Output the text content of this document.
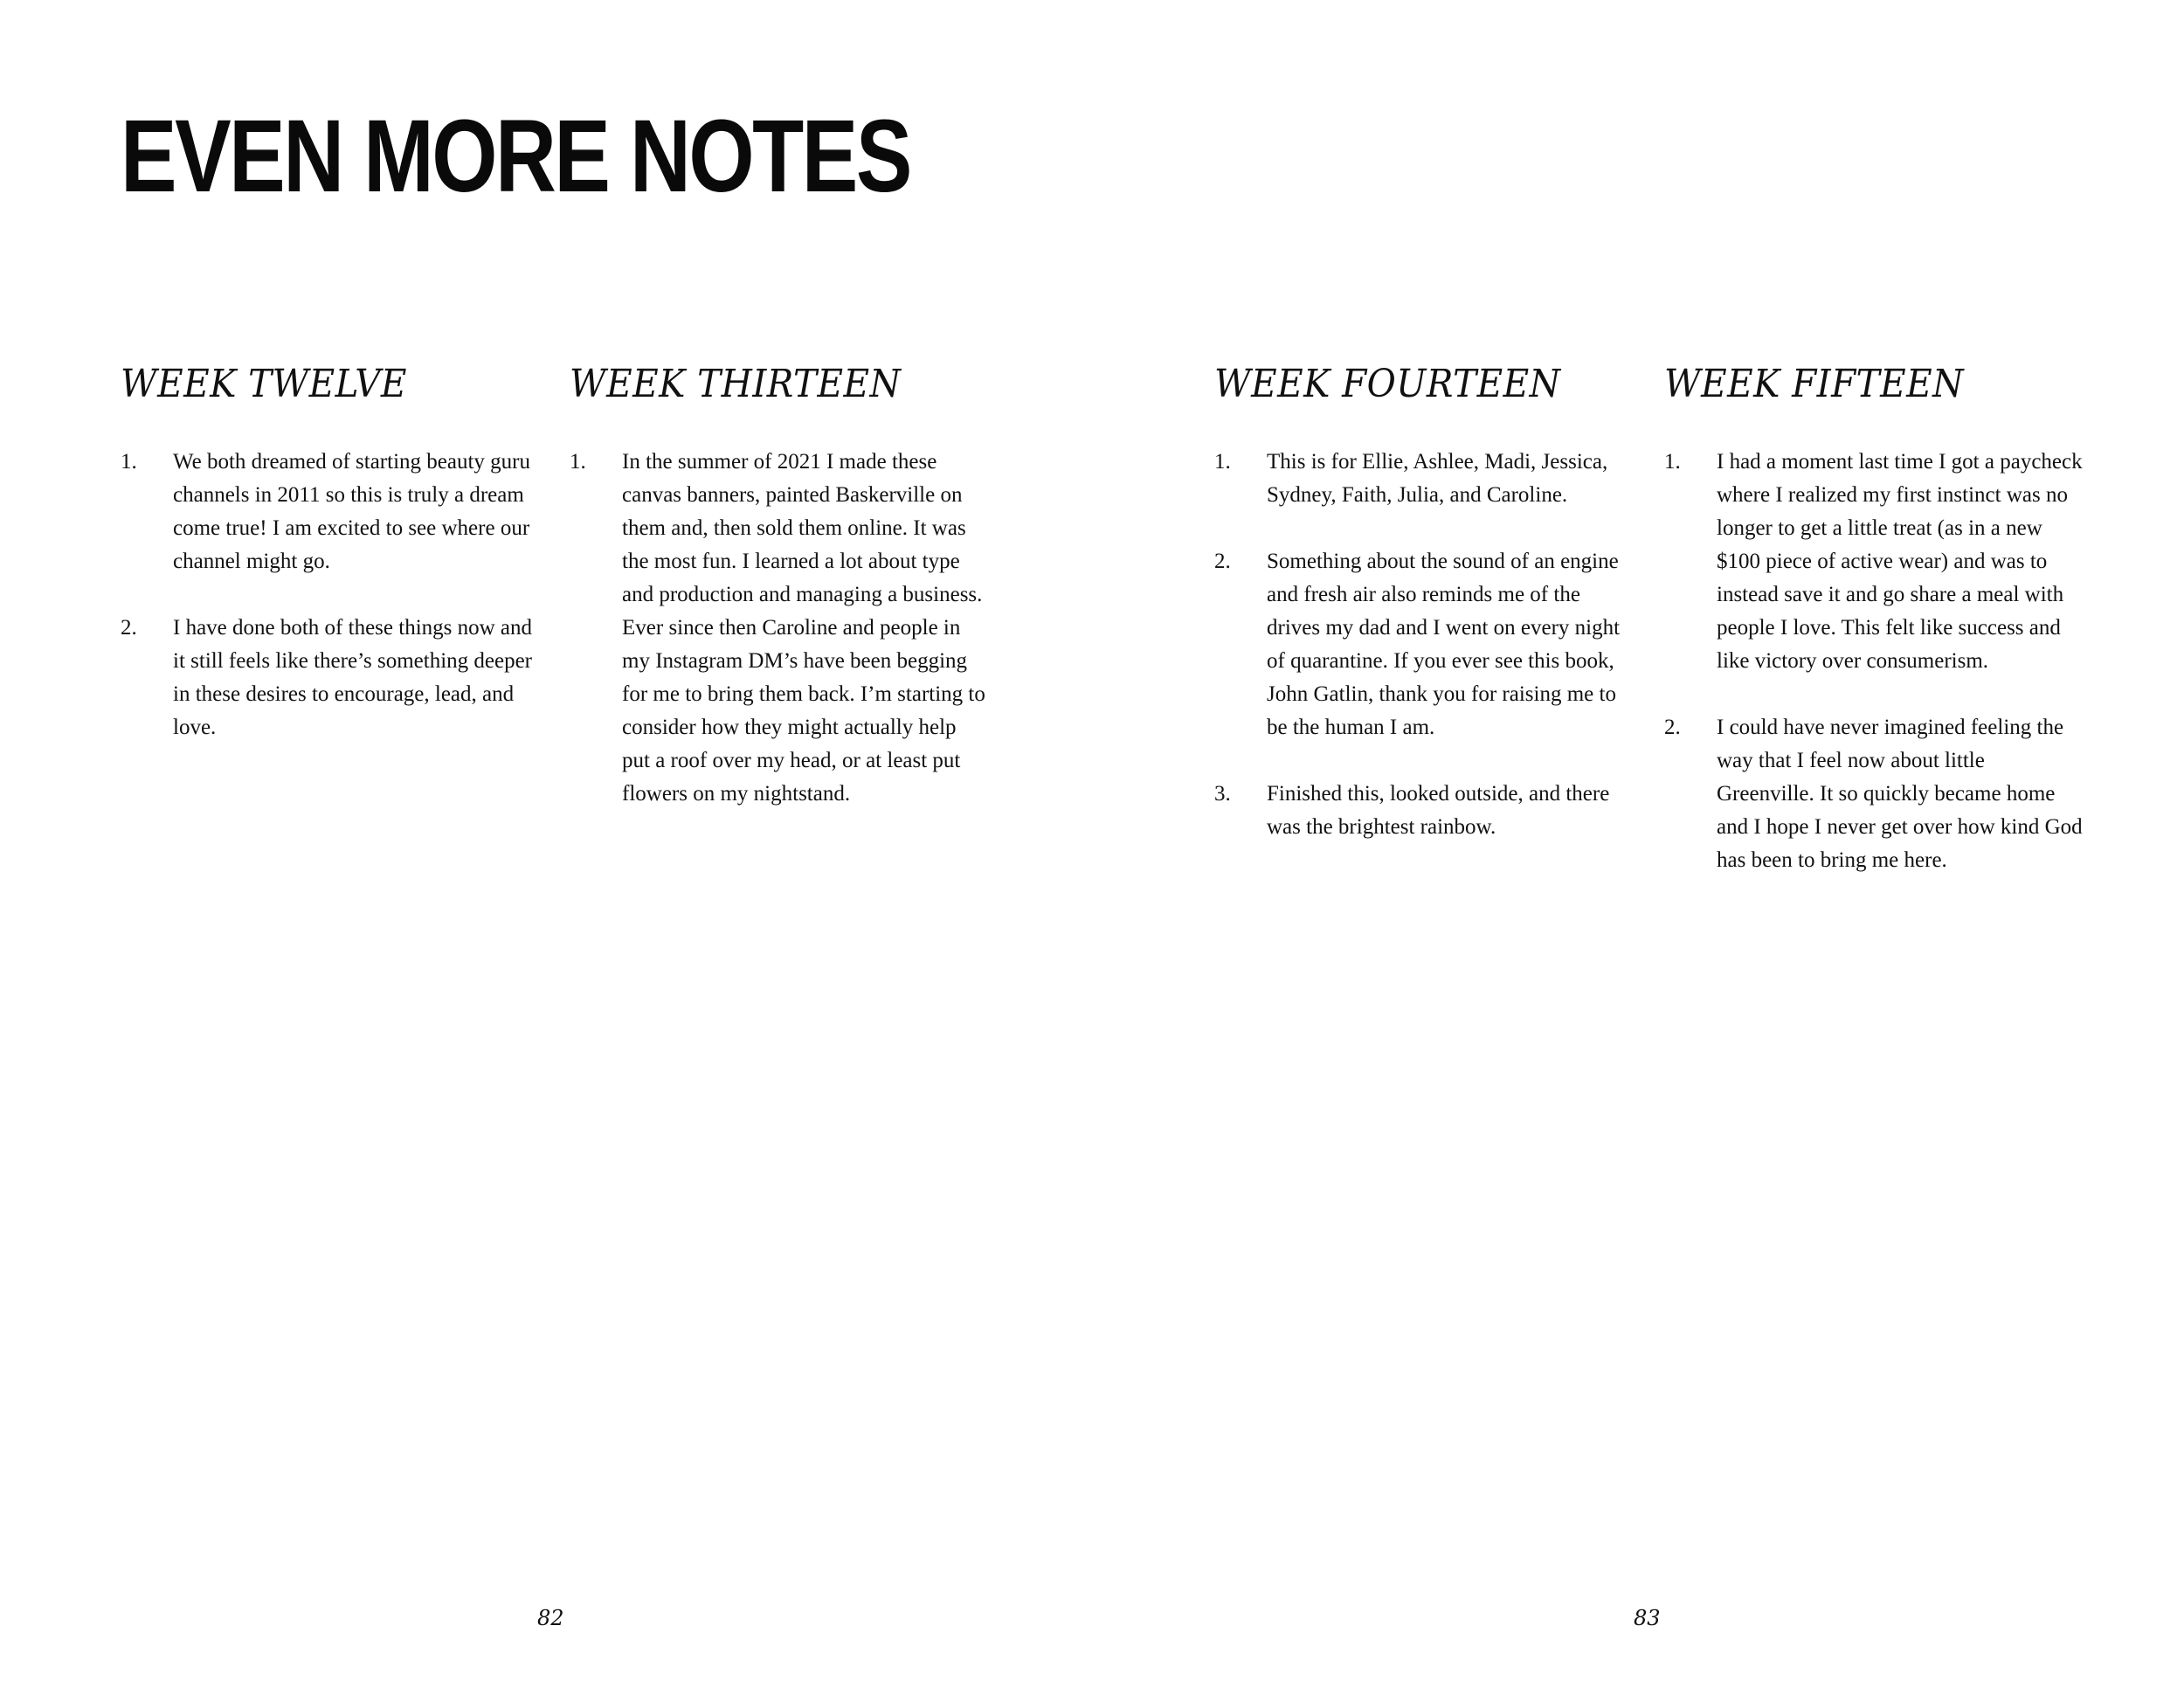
EVEN MORE NOTES
WEEK TWELVE
1.	We both dreamed of starting beauty guru channels in 2011 so this is truly a dream come true! I am excited to see where our channel might go.
2.	I have done both of these things now and it still feels like there’s something deeper in these desires to encourage, lead, and love.
WEEK THIRTEEN
1.	In the summer of 2021 I made these canvas banners, painted Baskerville on them and, then sold them online. It was the most fun. I learned a lot about type and production and managing a business. Ever since then Caroline and people in my Instagram DM’s have been begging for me to bring them back. I’m starting to consider how they might actually help put a roof over my head, or at least put flowers on my nightstand.
82
WEEK FOURTEEN
1.	This is for Ellie, Ashlee, Madi, Jessica, Sydney, Faith, Julia, and Caroline.
2.	Something about the sound of an engine and fresh air also reminds me of the drives my dad and I went on every night of quarantine. If you ever see this book, John Gatlin, thank you for raising me to be the human I am.
3.	Finished this, looked outside, and there was the brightest rainbow.
WEEK FIFTEEN
1.	I had a moment last time I got a paycheck where I realized my first instinct was no longer to get a little treat (as in a new $100 piece of active wear) and was to instead save it and go share a meal with people I love. This felt like success and like victory over consumerism.
2.	I could have never imagined feeling the way that I feel now about little Greenville. It so quickly became home and I hope I never get over how kind God has been to bring me here.
83
